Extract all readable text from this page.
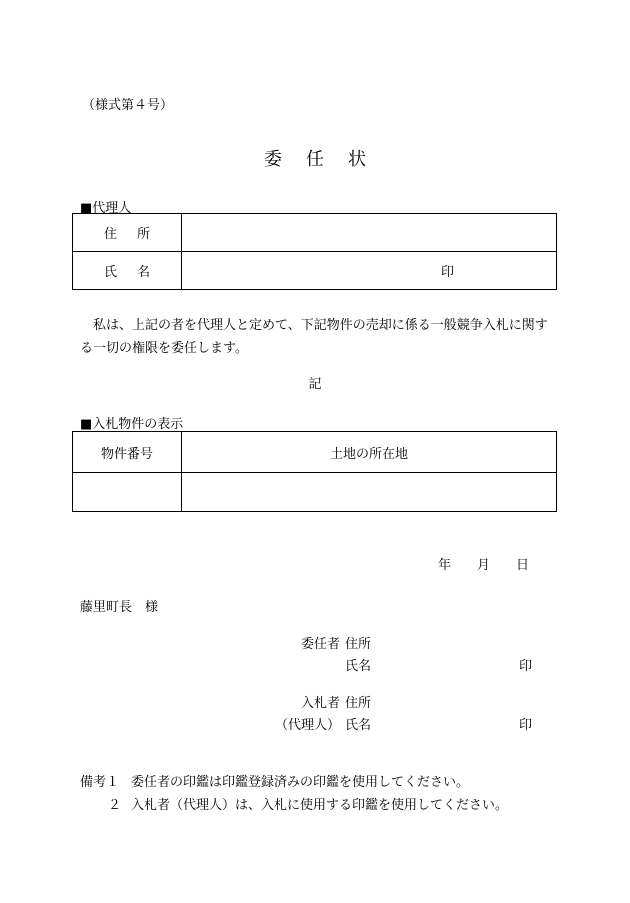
（様式第４号）
委任状
■代理人
住所	
氏名	印
私は、上記の者を代理人と定めて、下記物件の売却に係る一般競争入札に関する一切の権限を委任します。
記
■入札物件の表示
物件番号	土地の所在地

年 月 日
藤里町長　様
委任者 住所
氏名	印
入札者
（代理人）
住所
氏名	印
備考１ 委任者の印鑑は印鑑登録済みの印鑑を使用してください。
２ 入札者（代理人）は、入札に使用する印鑑を使用してください。
